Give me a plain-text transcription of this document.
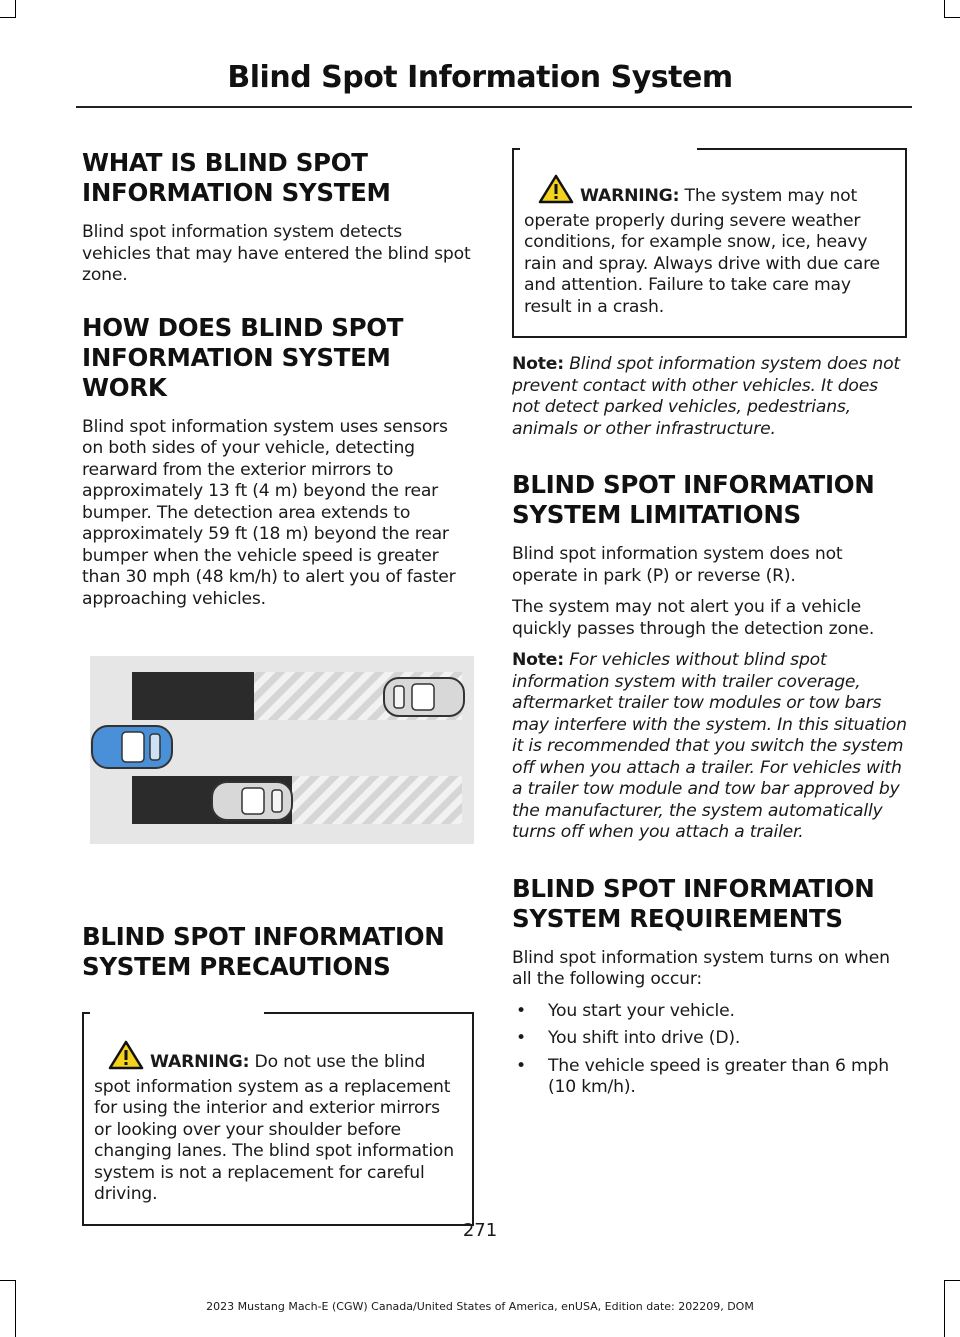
Blind Spot Information System
WHAT IS BLIND SPOT
INFORMATION SYSTEM

Blind spot information system detects vehicles that may have entered the blind spot zone.

HOW DOES BLIND SPOT
INFORMATION SYSTEM WORK

Blind spot information system uses sensors on both sides of your vehicle, detecting rearward from the exterior mirrors to approximately 13 ft (4 m) beyond the rear bumper. The detection area extends to approximately 59 ft (18 m) beyond the rear bumper when the vehicle speed is greater than 30 mph (48 km/h) to alert you of faster approaching vehicles.

BLIND SPOT INFORMATION
SYSTEM PRECAUTIONS
WARNING: Do not use the blind spot information system as a replacement for using the interior and exterior mirrors or looking over your shoulder before changing lanes. The blind spot information system is not a replacement for careful driving.
WARNING: The system may not operate properly during severe weather conditions, for example snow, ice, heavy rain and spray. Always drive with due care and attention. Failure to take care may result in a crash.

Note: Blind spot information system does not prevent contact with other vehicles. It does not detect parked vehicles, pedestrians, animals or other infrastructure.

BLIND SPOT INFORMATION
SYSTEM LIMITATIONS

Blind spot information system does not operate in park (P) or reverse (R).

The system may not alert you if a vehicle quickly passes through the detection zone.

Note: For vehicles without blind spot information system with trailer coverage, aftermarket trailer tow modules or tow bars may interfere with the system. In this situation it is recommended that you switch the system off when you attach a trailer. For vehicles with a trailer tow module and tow bar approved by the manufacturer, the system automatically turns off when you attach a trailer.

BLIND SPOT INFORMATION
SYSTEM REQUIREMENTS

Blind spot information system turns on when all the following occur:

• You start your vehicle.
• You shift into drive (D).
• The vehicle speed is greater than 6 mph (10 km/h).
271
2023 Mustang Mach-E (CGW) Canada/United States of America, enUSA, Edition date: 202209, DOM
